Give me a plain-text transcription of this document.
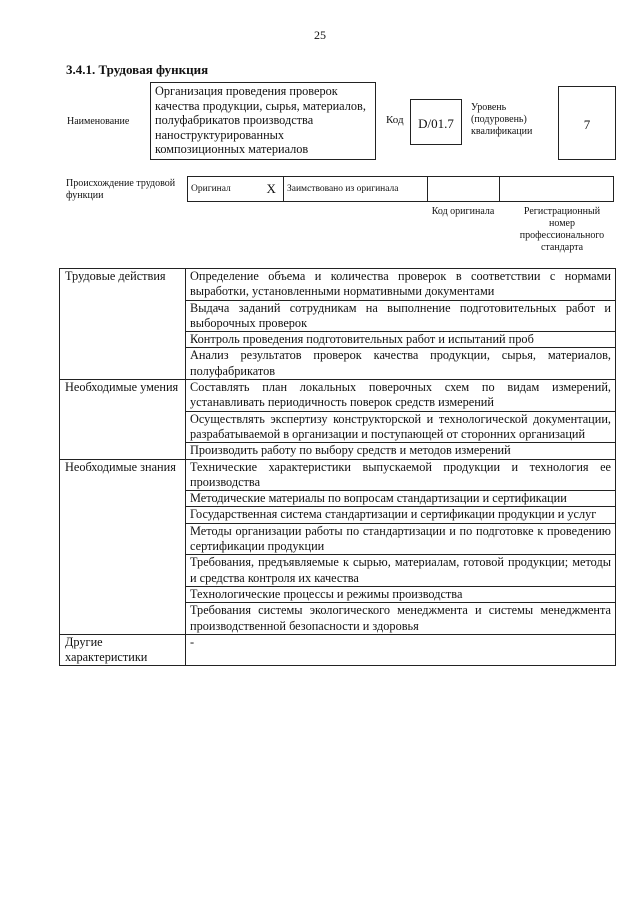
25
3.4.1. Трудовая функция
Наименование
Организация проведения проверок качества продукции, сырья, материалов, полуфабрикатов производства наноструктурированных композиционных материалов
Код	D/01.7
Уровень (подуровень) квалификации	7
Происхождение трудовой функции
Оригинал	X	Заимствовано из оригинала		
Код оригинала	Регистрационный номер профессионального стандарта
Трудовые действия	Определение объема и количества проверок в соответствии с нормами выработки, установленными нормативными документами
	Выдача заданий сотрудникам на выполнение подготовительных работ и выборочных проверок
	Контроль проведения подготовительных работ и испытаний проб
	Анализ результатов проверок качества продукции, сырья, материалов, полуфабрикатов
Необходимые умения	Составлять план локальных поверочных схем по видам измерений, устанавливать периодичность поверок средств измерений
	Осуществлять экспертизу конструкторской и технологической документации, разрабатываемой в организации и поступающей от сторонних организаций
	Производить работу по выбору средств и методов измерений
Необходимые знания	Технические характеристики выпускаемой продукции и технология ее производства
	Методические материалы по вопросам стандартизации и сертификации
	Государственная система стандартизации и сертификации продукции и услуг
	Методы организации работы по стандартизации и по подготовке к проведению сертификации продукции
	Требования, предъявляемые к сырью, материалам, готовой продукции; методы и средства контроля их качества
	Технологические процессы и режимы производства
	Требования системы экологического менеджмента и системы менеджмента производственной безопасности и здоровья
Другие характеристики	-
